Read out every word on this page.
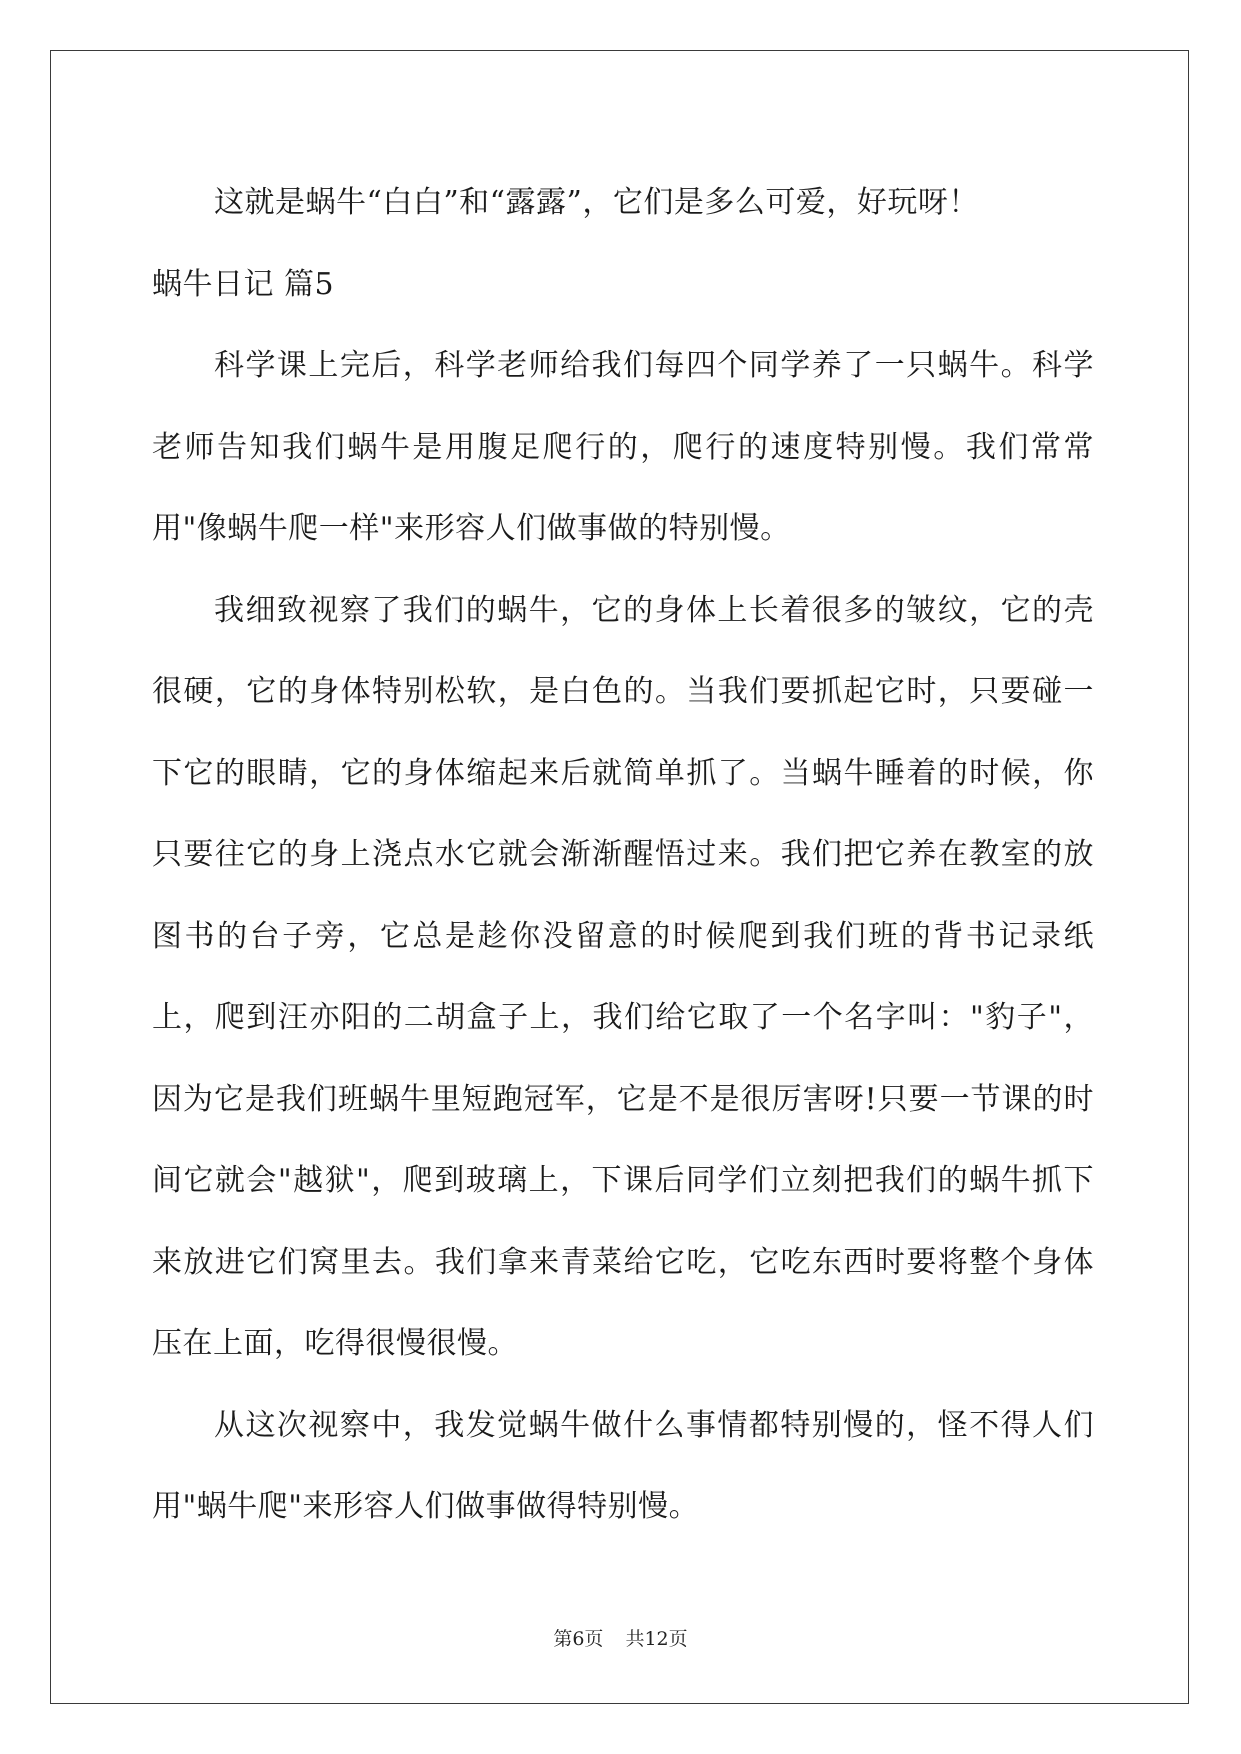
这就是蜗牛“白白”和“露露”，它们是多么可爱，好玩呀！

蜗牛日记 篇5

科学课上完后，科学老师给我们每四个同学养了一只蜗牛。科学老师告知我们蜗牛是用腹足爬行的，爬行的速度特别慢。我们常常用"像蜗牛爬一样"来形容人们做事做的特别慢。

我细致视察了我们的蜗牛，它的身体上长着很多的皱纹，它的壳很硬，它的身体特别松软，是白色的。当我们要抓起它时，只要碰一下它的眼睛，它的身体缩起来后就简单抓了。当蜗牛睡着的时候，你只要往它的身上浇点水它就会渐渐醒悟过来。我们把它养在教室的放图书的台子旁，它总是趁你没留意的时候爬到我们班的背书记录纸上，爬到汪亦阳的二胡盒子上，我们给它取了一个名字叫："豹子"，因为它是我们班蜗牛里短跑冠军，它是不是很厉害呀!只要一节课的时间它就会"越狱"，爬到玻璃上，下课后同学们立刻把我们的蜗牛抓下来放进它们窝里去。我们拿来青菜给它吃，它吃东西时要将整个身体压在上面，吃得很慢很慢。

从这次视察中，我发觉蜗牛做什么事情都特别慢的，怪不得人们用"蜗牛爬"来形容人们做事做得特别慢。

第6页 共12页
